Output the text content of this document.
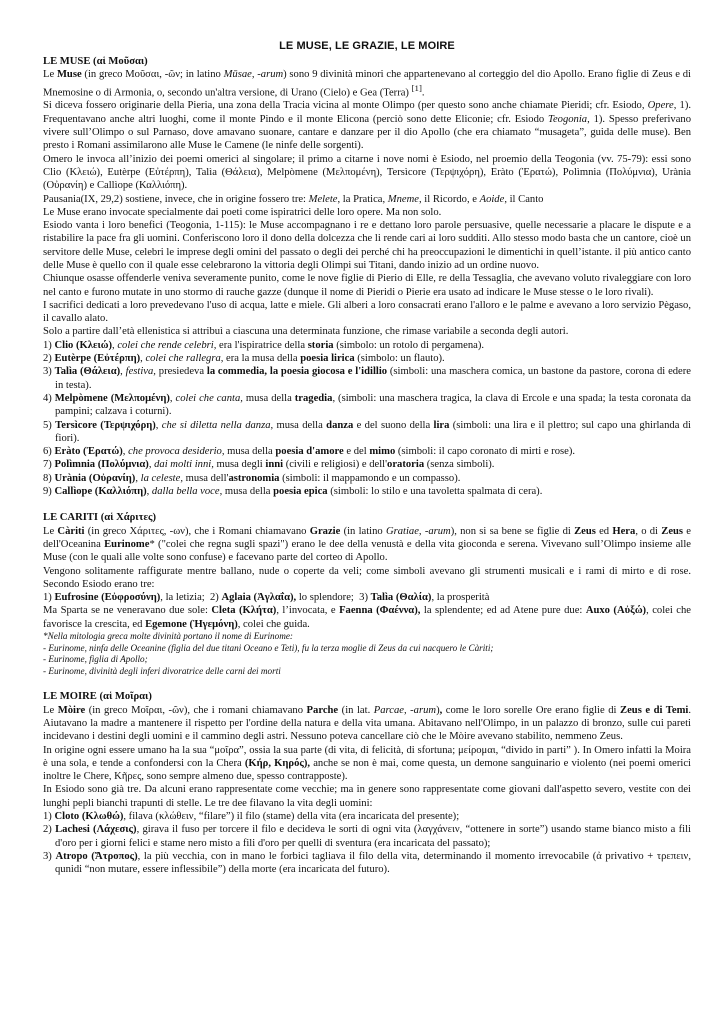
LE MUSE, LE GRAZIE, LE MOIRE
LE MUSE (αἱ Μοῦσαι)

Le Muse (in greco Μοῦσαι, -ῶν; in latino Mūsae, -arum) sono 9 divinità minori che appartenevano al corteggio del dio Apollo. Erano figlie di Zeus e di Mnemosine o di Armonia, o, secondo un'altra versione, di Urano (Cielo) e Gea (Terra) [1].

Si diceva fossero originarie della Pieria, una zona della Tracia vicina al monte Olimpo (per questo sono anche chiamate Pieridi; cfr. Esiodo, Opere, 1). Frequentavano anche altri luoghi, come il monte Pindo e il monte Elicona (perciò sono dette Eliconie; cfr. Esiodo Teogonia, 1). Spesso preferivano vivere sull’Olimpo o sul Parnaso, dove amavano suonare, cantare e danzare per il dio Apollo (che era chiamato “musageta”, guida delle muse). Ben presto i Romani assimilarono alle Muse le Camene (le ninfe delle sorgenti).

Omero le invoca all’inizio dei poemi omerici al singolare; il primo a citarne i nove nomi è Esiodo, nel proemio della Teogonia (vv. 75-79): essi sono Clio (Κλειώ), Eutèrpe (Εὐτέρπη), Talìa (Θάλεια), Melpòmene (Μελπομένη), Tersìcore (Τερψιχόρη), Eràto (Ἐρατώ), Polìmnia (Πολύμνια), Urània (Οὐρανίη) e Callìope (Καλλιόπη).

Pausania(IX, 29,2) sostiene, invece, che in origine fossero tre: Melete, la Pratica, Mneme, il Ricordo, e Aoide, il Canto

Le Muse erano invocate specialmente dai poeti come ispiratrici delle loro opere. Ma non solo.

Esiodo vanta i loro benefici (Teogonia, 1-115): le Muse accompagnano i re e dettano loro parole persuasive, quelle necessarie a placare le dispute e a ristabilire la pace fra gli uomini. Conferiscono loro il dono della dolcezza che li rende cari ai loro sudditi. Allo stesso modo basta che un cantore, cioè un servitore delle Muse, celebri le imprese degli omini del passato o degli dei perché chi ha preoccupazioni le dimentichi in quell’istante. il più antico canto delle Muse è quello con il quale esse celebrarono la vittoria degli Olimpi sui Titani, dando inizio ad un ordine nuovo.

Chiunque osasse offenderle veniva severamente punito, come le nove figlie di Pierio di Elle, re della Tessaglia, che avevano voluto rivaleggiare con loro nel canto e furono mutate in uno stormo di rauche gazze (dunque il nome di Pieridi o Pierie era usato ad indicare le Muse stesse o le loro rivali).

I sacrifici dedicati a loro prevedevano l'uso di acqua, latte e miele. Gli alberi a loro consacrati erano l'alloro e le palme e avevano a loro servizio Pègaso, il cavallo alato.

Solo a partire dall’età ellenistica si attribuì a ciascuna una determinata funzione, che rimase variabile a seconda degli autori.

1) Clio (Κλειώ), colei che rende celebri, era l'ispiratrice della storia (simbolo: un rotolo di pergamena).

2) Eutèrpe (Εὐτέρπη), colei che rallegra, era la musa della poesia lirica (simbolo: un flauto).

3) Talìa (Θάλεια), festiva, presiedeva la commedia, la poesia giocosa e l'idillio (simboli: una maschera comica, un bastone da pastore, corona di edere in testa).

4) Melpòmene (Μελπομένη), colei che canta, musa della tragedia, (simboli: una maschera tragica, la clava di Ercole e una spada; la testa coronata da pampini; calzava i coturni).

5) Tersìcore (Τερψιχόρη), che si diletta nella danza, musa della danza e del suono della lira (simboli: una lira e il plettro; sul capo una ghirlanda di fiori).

6) Eràto (Ἐρατώ), che provoca desiderio, musa della poesia d'amore e del mimo (simboli: il capo coronato di mirti e rose).

7) Polìmnia (Πολύμνια), dai molti inni, musa degli inni (civili e religiosi) e dell'oratoria (senza simboli).

8) Urània (Οὐρανίη), la celeste, musa dell'astronomia (simboli: il mappamondo e un compasso).

9) Callìope (Καλλιόπη), dalla bella voce, musa della poesia epica (simboli: lo stilo e una tavoletta spalmata di cera).

LE CARITI (αἱ Χάριτες)

Le Càriti (in greco Χάριτες, -ων), che i Romani chiamavano Grazie (in latino Gratiae, -arum), non si sa bene se figlie di Zeus ed Hera, o di Zeus e dell'Oceanina Eurinome* ("colei che regna sugli spazi") erano le dee della venustà e della vita gioconda e serena. Vivevano sull’Olimpo insieme alle Muse (con le quali alle volte sono confuse) e facevano parte del corteo di Apollo.

Vengono solitamente raffigurate mentre ballano, nude o coperte da veli; come simboli avevano gli strumenti musicali e i rami di mirto e di rose. Secondo Esiodo erano tre:

1) Eufrosine (Εὐφροσύνη), la letizia;  2) Aglaia (Ἀγλαΐα), lo splendore;  3) Talìa (Θαλία), la prosperità

Ma Sparta se ne veneravano due sole: Cleta (Κλήτα), l’invocata, e Faenna (Φαέννα), la splendente; ed ad Atene pure due: Auxo (Αὐξώ), colei che favorisce la crescita, ed Egemone (Ἡγεμόνη), colei che guida.

*Nella mitologia greca molte divinità portano il nome di Eurinome:
- Eurinome, ninfa delle Oceanine (figlia del due titani Oceano e Teti), fu la terza moglie di Zeus da cui nacquero le Càriti;
- Eurinome, figlia di Apollo;
- Eurinome, divinità degli inferi divoratrice delle carni dei morti
LE MOIRE (αἱ Μοῖραι)

Le Mòire (in greco Μοῖραι, -ῶν), che i romani chiamavano Parche (in lat. Parcae, -arum), come le loro sorelle Ore erano figlie di Zeus e di Temi. Aiutavano la madre a mantenere il rispetto per l'ordine della natura e della vita umana. Abitavano nell'Olimpo, in un palazzo di bronzo, sulle cui pareti incidevano i destini degli uomini e il cammino degli astri. Nessuno poteva cancellare ciò che le Mòire avevano stabilito, nemmeno Zeus.

In origine ogni essere umano ha la sua “μοῖρα”, ossia la sua parte (di vita, di felicità, di sfortuna; μείρομαι, “divido in parti” ). In Omero infatti la Moira è una sola, e tende a confondersi con la Chera (Κήρ, Κηρός), anche se non è mai, come questa, un demone sanguinario e violento (nei poemi omerici inoltre le Chere, Κῆρες, sono sempre almeno due, spesso contrapposte).

In Esiodo sono già tre. Da alcuni erano rappresentate come vecchie; ma in genere sono rappresentate come giovani dall'aspetto severo, vestite con dei lunghi pepli bianchi trapunti di stelle. Le tre dee filavano la vita degli uomini:

1) Cloto (Κλωθώ), filava (κλώθειν, “filare”) il filo (stame) della vita (era incaricata del presente);

2) Lachesi (Λάχεσις), girava il fuso per torcere il filo e decideva le sorti di ogni vita (λαγχάνειν, “ottenere in sorte”) usando stame bianco misto a fili d'oro per i giorni felici e stame nero misto a fili d'oro per quelli di sventura (era incaricata del passato);

3) Atropo (Ἄτροπος), la più vecchia, con in mano le forbici tagliava il filo della vita, determinando il momento irrevocabile (ἀ privativo + τρεπειν, qunidi “non mutare, essere inflessibile”) della morte (era incaricata del futuro).
